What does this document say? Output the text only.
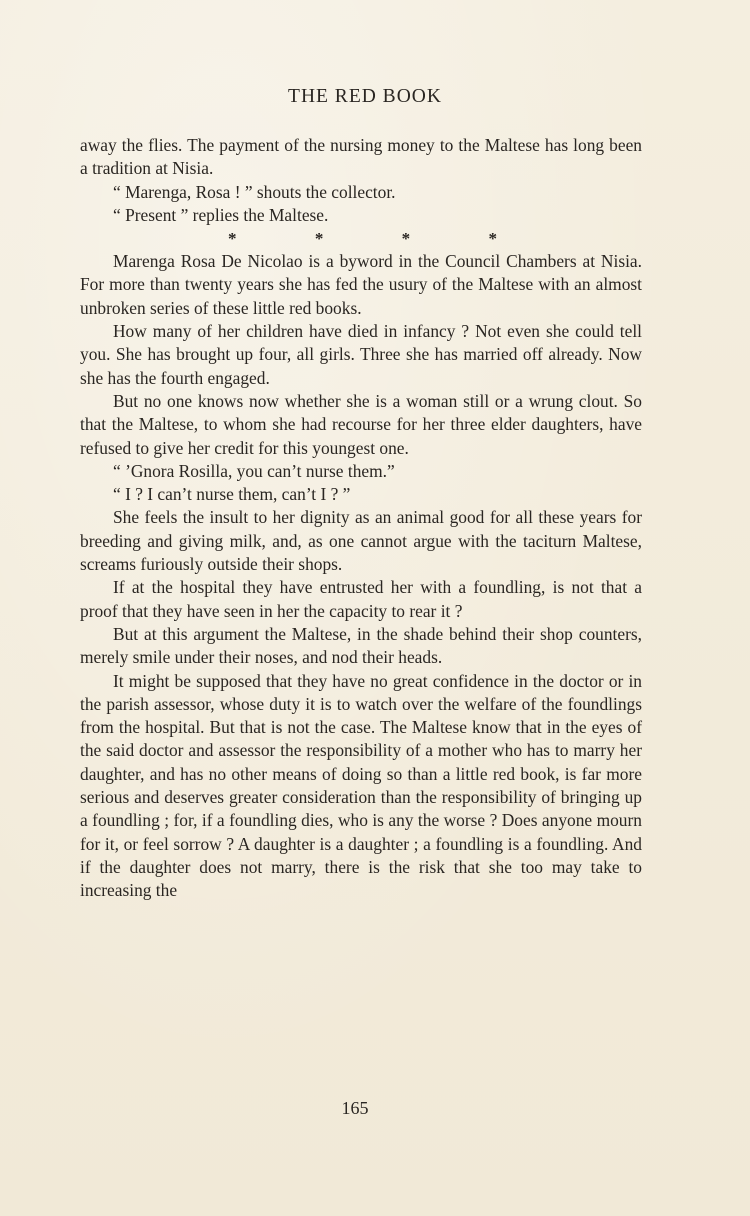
THE RED BOOK

away the flies. The payment of the nursing money to the Maltese has long been a tradition at Nisia.

“ Marenga, Rosa ! ” shouts the collector.

“ Present ” replies the Maltese.

*	*	*	*

Marenga Rosa De Nicolao is a byword in the Council Chambers at Nisia. For more than twenty years she has fed the usury of the Maltese with an almost unbroken series of these little red books.

How many of her children have died in infancy ? Not even she could tell you. She has brought up four, all girls. Three she has married off already. Now she has the fourth engaged.

But no one knows now whether she is a woman still or a wrung clout. So that the Maltese, to whom she had recourse for her three elder daughters, have refused to give her credit for this youngest one.

“ ’Gnora Rosilla, you can’t nurse them.”

“ I ? I can’t nurse them, can’t I ? ”

She feels the insult to her dignity as an animal good for all these years for breeding and giving milk, and, as one cannot argue with the taciturn Maltese, screams furiously outside their shops.

If at the hospital they have entrusted her with a foundling, is not that a proof that they have seen in her the capacity to rear it ?

But at this argument the Maltese, in the shade behind their shop counters, merely smile under their noses, and nod their heads.

It might be supposed that they have no great confidence in the doctor or in the parish assessor, whose duty it is to watch over the welfare of the foundlings from the hospital. But that is not the case. The Maltese know that in the eyes of the said doctor and assessor the responsibility of a mother who has to marry her daughter, and has no other means of doing so than a little red book, is far more serious and deserves greater consideration than the responsibility of bringing up a foundling ; for, if a foundling dies, who is any the worse ? Does anyone mourn for it, or feel sorrow ? A daughter is a daughter ; a foundling is a foundling. And if the daughter does not marry, there is the risk that she too may take to increasing the

165
